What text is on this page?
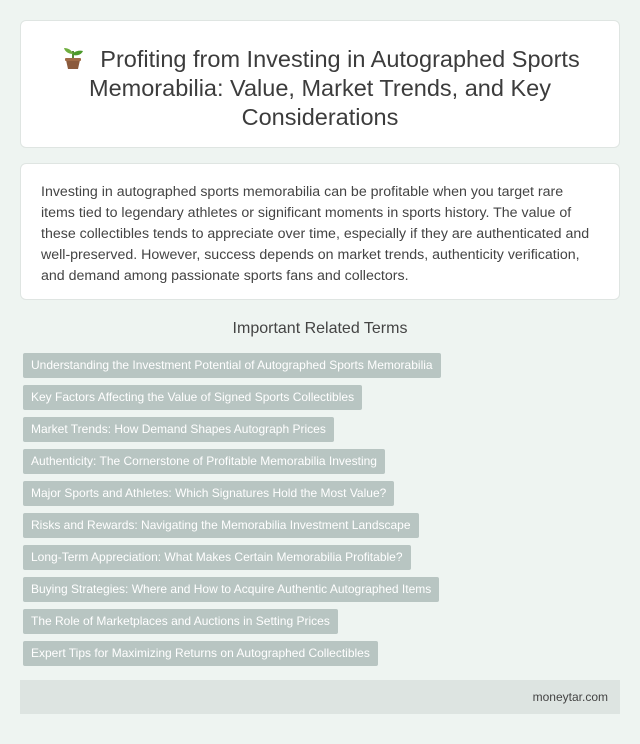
Profiting from Investing in Autographed Sports Memorabilia: Value, Market Trends, and Key Considerations

Investing in autographed sports memorabilia can be profitable when you target rare items tied to legendary athletes or significant moments in sports history. The value of these collectibles tends to appreciate over time, especially if they are authenticated and well-preserved. However, success depends on market trends, authenticity verification, and demand among passionate sports fans and collectors.

Important Related Terms
Understanding the Investment Potential of Autographed Sports Memorabilia
Key Factors Affecting the Value of Signed Sports Collectibles
Market Trends: How Demand Shapes Autograph Prices
Authenticity: The Cornerstone of Profitable Memorabilia Investing
Major Sports and Athletes: Which Signatures Hold the Most Value?
Risks and Rewards: Navigating the Memorabilia Investment Landscape
Long-Term Appreciation: What Makes Certain Memorabilia Profitable?
Buying Strategies: Where and How to Acquire Authentic Autographed Items
The Role of Marketplaces and Auctions in Setting Prices
Expert Tips for Maximizing Returns on Autographed Collectibles
moneytar.com
